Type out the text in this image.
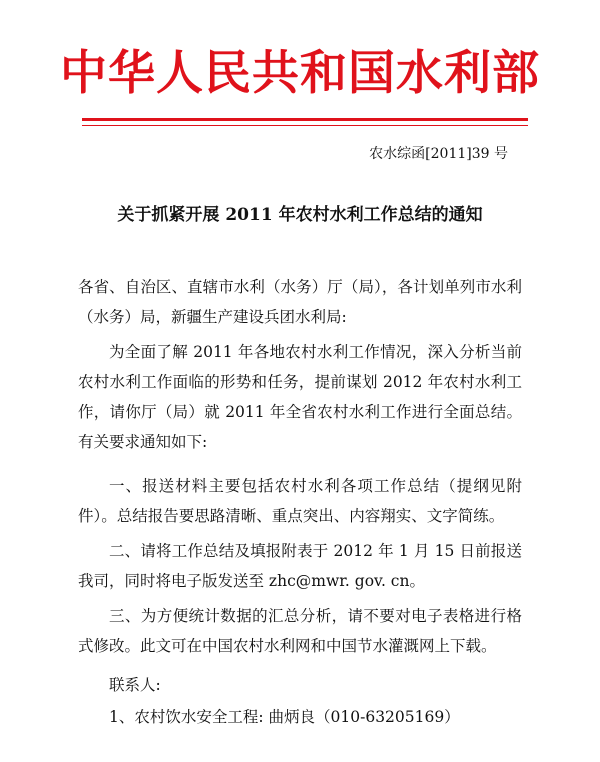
中华人民共和国水利部
农水综函[2011]39 号
关于抓紧开展 2011 年农村水利工作总结的通知
各省、自治区、直辖市水利（水务）厅（局），各计划单列市水利（水务）局，新疆生产建设兵团水利局:
为全面了解 2011 年各地农村水利工作情况，深入分析当前农村水利工作面临的形势和任务，提前谋划 2012 年农村水利工作，请你厅（局）就 2011 年全省农村水利工作进行全面总结。有关要求通知如下:
一、报送材料主要包括农村水利各项工作总结（提纲见附件）。总结报告要思路清晰、重点突出、内容翔实、文字简练。
二、请将工作总结及填报附表于 2012 年 1 月 15 日前报送我司，同时将电子版发送至 zhc@mwr. gov. cn。
三、为方便统计数据的汇总分析，请不要对电子表格进行格式修改。此文可在中国农村水利网和中国节水灌溉网上下载。
联系人:
1、农村饮水安全工程: 曲炳良（010-63205169）
